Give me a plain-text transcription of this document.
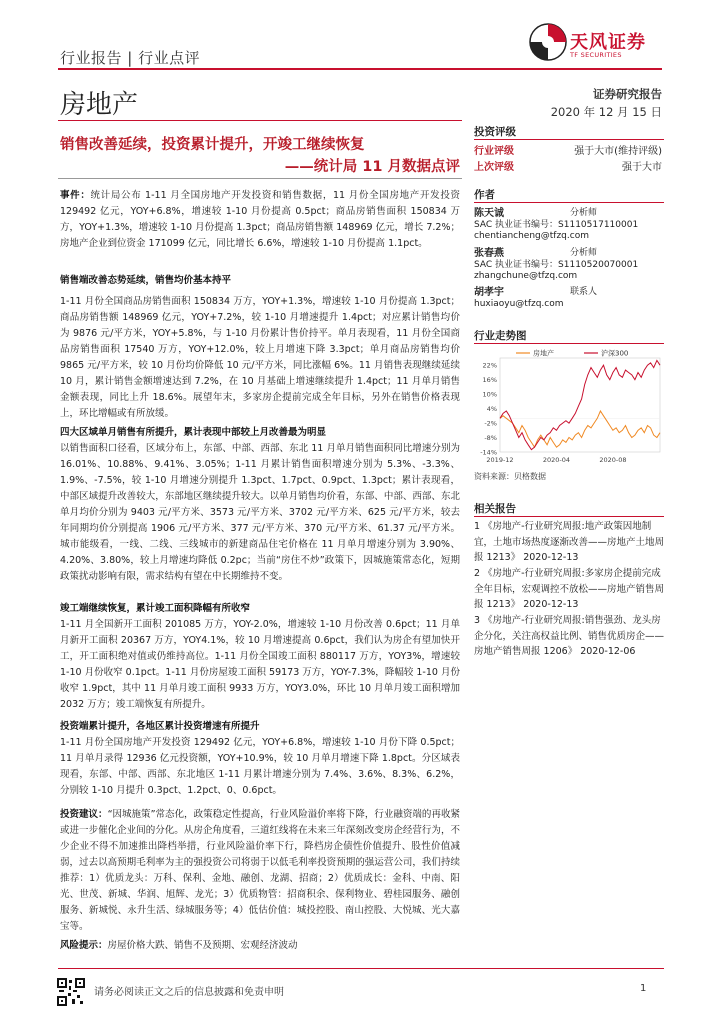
行业报告 | 行业点评
天风证券
TF SECURITIES
房地产	证券研究报告
2020 年 12 月 15 日
销售改善延续，投资累计提升，开竣工继续恢复
——统计局 11 月数据点评
事件：统计局公布 1-11 月全国房地产开发投资和销售数据，11 月份全国房地产开发投资 129492 亿元，YOY+6.8%，增速较 1-10 月份提高 0.5pct；商品房销售面积 150834 万方，YOY+1.3%，增速较 1-10 月份提高 1.3pct；商品房销售额 148969 亿元，增长 7.2%；房地产企业到位资金 171099 亿元，同比增长 6.6%，增速较 1-10 月份提高 1.1pct。
销售端改善态势延续，销售均价基本持平
1-11 月份全国商品房销售面积 150834 万方，YOY+1.3%，增速较 1-10 月份提高 1.3pct；商品房销售额 148969 亿元，YOY+7.2%，较 1-10 月增速提升 1.4pct；对应累计销售均价为 9876 元/平方米，YOY+5.8%，与 1-10 月份累计售价持平。单月表现看，11 月份全国商品房销售面积 17540 万方，YOY+12.0%，较上月增速下降 3.3pct；单月商品房销售均价 9865 元/平方米，较 10 月份均价降低 10 元/平方米，同比涨幅 6%。11 月销售表现继续延续 10 月，累计销售金额增速达到 7.2%，在 10 月基础上增速继续提升 1.4pct；11 月单月销售金额表现，同比上升 18.6%。展望年末，多家房企提前完成全年目标，另外在销售价格表现上，环比增幅或有所放缓。
四大区域单月销售有所提升，累计表现中部较上月改善最为明显
以销售面积口径看，区域分布上，东部、中部、西部、东北 11 月单月销售面积同比增速分别为 16.01%、10.88%、9.41%、3.05%；1-11 月累计销售面积增速分别为 5.3%、-3.3%、1.9%、-7.5%，较 1-10 月增速分别提升 1.3pct、1.7pct、0.9pct、1.3pct；累计表现看，中部区域提升改善较大，东部地区继续提升较大。以单月销售均价看，东部、中部、西部、东北单月均价分别为 9403 元/平方米、3573 元/平方米、3702 元/平方米、625 元/平方米，较去年同期均价分别提高 1906 元/平方米、377 元/平方米、370 元/平方米、61.37 元/平方米。城市能级看，一线、二线、三线城市的新建商品住宅价格在 11 月单月增速分别为 3.90%、4.20%、3.80%，较上月增速均降低 0.2pc；当前“房住不炒”政策下，因城施策常态化，短期政策扰动影响有限，需求结构有望在中长期维持不变。
竣工端继续恢复，累计竣工面积降幅有所收窄
1-11 月全国新开工面积 201085 万方，YOY-2.0%，增速较 1-10 月份改善 0.6pct；11 月单月新开工面积 20367 万方，YOY4.1%，较 10 月增速提高 0.6pct，我们认为房企有望加快开工，开工面积绝对值或仍维持高位。1-11 月份全国竣工面积 880117 万方，YOY3%，增速较 1-10 月份收窄 0.1pct。1-11 月份房屋竣工面积 59173 万方，YOY-7.3%，降幅较 1-10 月份收窄 1.9pct，其中 11 月单月竣工面积 9933 万方，YOY3.0%，环比 10 月单月竣工面积增加 2032 万方；竣工端恢复有所提升。
投资端累计提升，各地区累计投资增速有所提升
1-11 月份全国房地产开发投资 129492 亿元，YOY+6.8%，增速较 1-10 月份下降 0.5pct；11 月单月录得 12936 亿元投资额，YOY+10.9%，较 10 月单月增速下降 1.8pct。分区域表现看，东部、中部、西部、东北地区 1-11 月累计增速分别为 7.4%、3.6%、8.3%、6.2%，分别较 1-10 月提升 0.3pct、1.2pct、0、0.6pct。
投资建议：“因城施策”常态化，政策稳定性提高，行业风险溢价率将下降，行业融资端的再收紧或进一步催化企业间的分化。从房企角度看，三道红线将在未来三年深刻改变房企经营行为，不少企业不得不加速推出降档举措，行业风险溢价率下行，降档房企债性价值提升、股性价值减弱，过去以高预期毛利率为主的强投资公司将弱于以低毛利率投资预期的强运营公司，我们持续推荐：1）优质龙头：万科、保利、金地、融创、龙湖、招商；2）优质成长：金科、中南、阳光、世茂、新城、华润、旭辉、龙光；3）优质物管：招商积余、保利物业、碧桂园服务、融创服务、新城悦、永升生活、绿城服务等；4）低估价值：城投控股、南山控股、大悦城、光大嘉宝等。
风险提示：房屋价格大跌、销售不及预期、宏观经济波动
投资评级
行业评级	强于大市(维持评级)
上次评级	强于大市
作者
陈天诚	分析师
SAC 执业证书编号：S1110517110001
chentiancheng@tfzq.com
张春燕	分析师
SAC 执业证书编号：S1110520070001
zhangchune@tfzq.com
胡孝宇	联系人
huxiaoyu@tfzq.com
行业走势图
22%
16%
10%
4%
-2%
-8%
-14%
2019-12	2020-04	2020-08
房地产	沪深300
资料来源：贝格数据
相关报告
1 《房地产-行业研究周报:地产政策因地制宜，土地市场热度逐渐改善——房地产土地周报 1213》 2020-12-13
2 《房地产-行业研究周报:多家房企提前完成全年目标，宏观调控不放松——房地产销售周报 1213》 2020-12-13
3 《房地产-行业研究周报:销售强劲、龙头房企分化，关注高权益比例、销售优质房企——房地产销售周报 1206》 2020-12-06
请务必阅读正文之后的信息披露和免责申明	1
